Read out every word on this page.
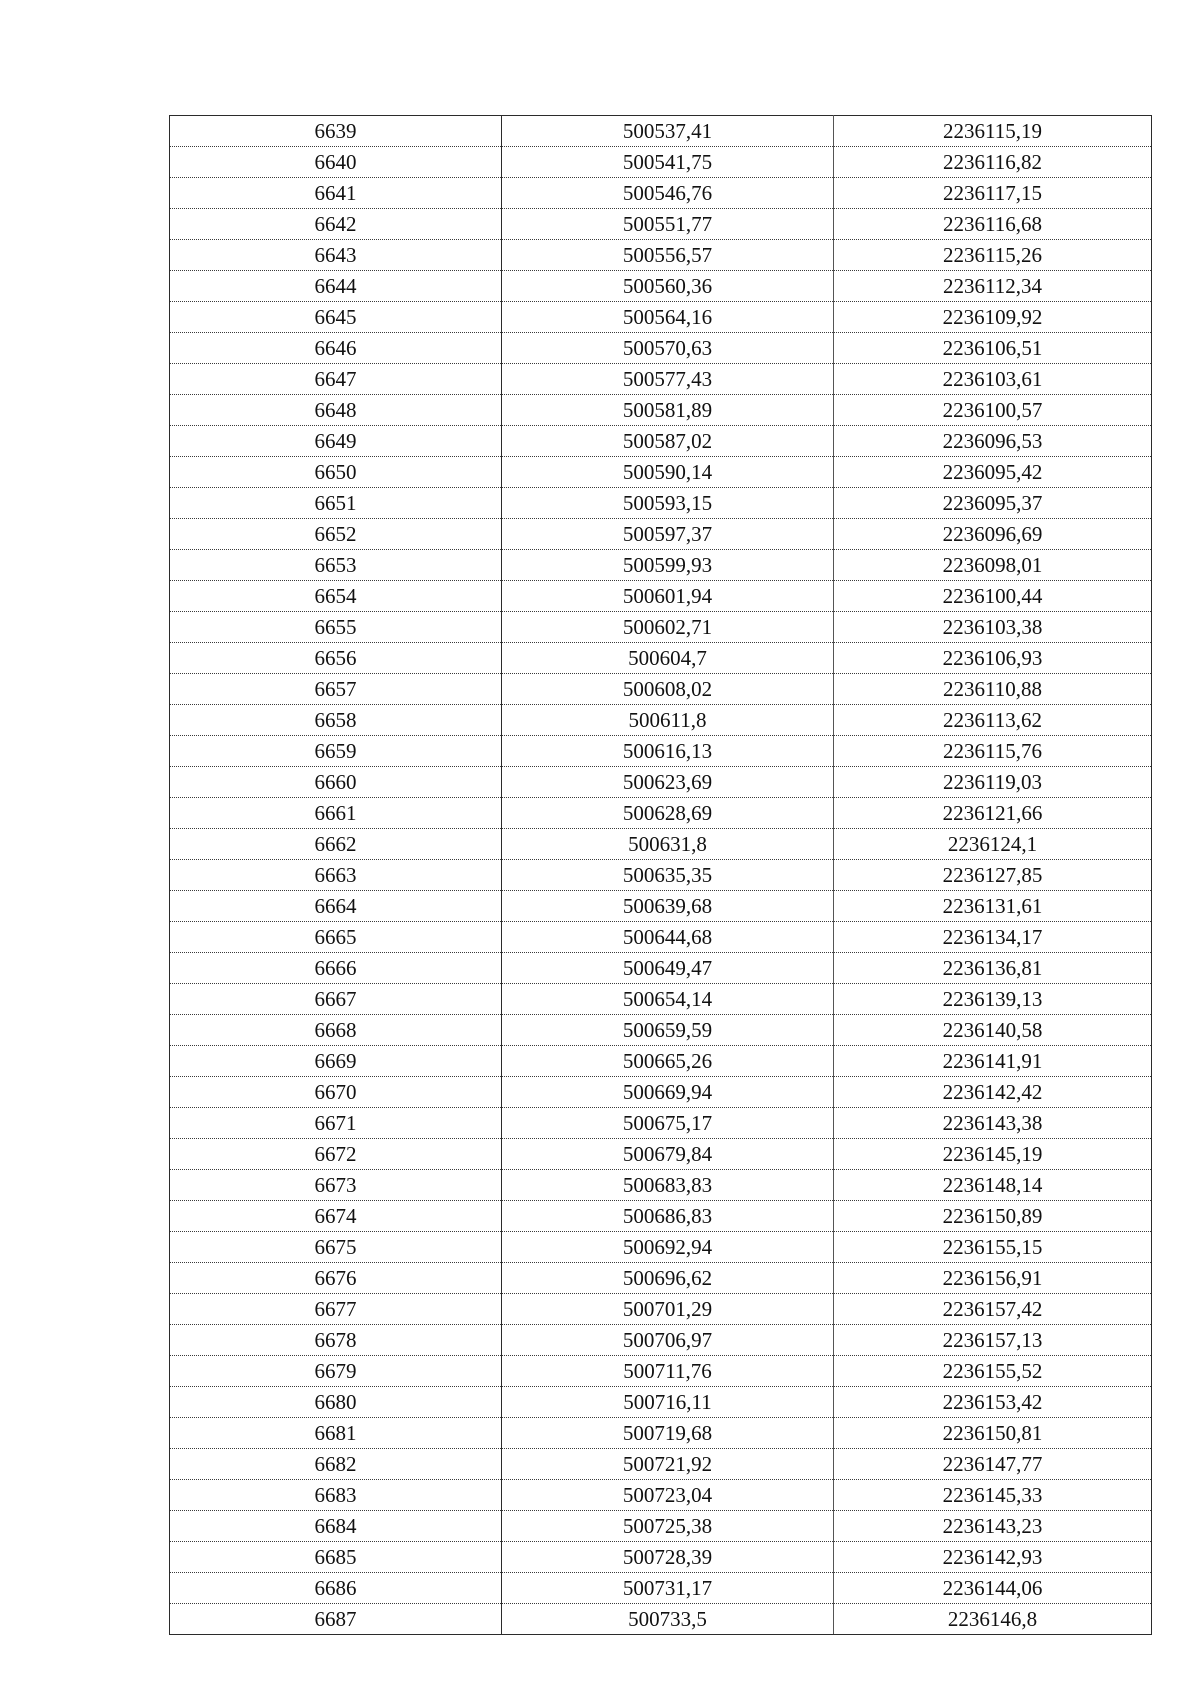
6639	500537,41	2236115,19
6640	500541,75	2236116,82
6641	500546,76	2236117,15
6642	500551,77	2236116,68
6643	500556,57	2236115,26
6644	500560,36	2236112,34
6645	500564,16	2236109,92
6646	500570,63	2236106,51
6647	500577,43	2236103,61
6648	500581,89	2236100,57
6649	500587,02	2236096,53
6650	500590,14	2236095,42
6651	500593,15	2236095,37
6652	500597,37	2236096,69
6653	500599,93	2236098,01
6654	500601,94	2236100,44
6655	500602,71	2236103,38
6656	500604,7	2236106,93
6657	500608,02	2236110,88
6658	500611,8	2236113,62
6659	500616,13	2236115,76
6660	500623,69	2236119,03
6661	500628,69	2236121,66
6662	500631,8	2236124,1
6663	500635,35	2236127,85
6664	500639,68	2236131,61
6665	500644,68	2236134,17
6666	500649,47	2236136,81
6667	500654,14	2236139,13
6668	500659,59	2236140,58
6669	500665,26	2236141,91
6670	500669,94	2236142,42
6671	500675,17	2236143,38
6672	500679,84	2236145,19
6673	500683,83	2236148,14
6674	500686,83	2236150,89
6675	500692,94	2236155,15
6676	500696,62	2236156,91
6677	500701,29	2236157,42
6678	500706,97	2236157,13
6679	500711,76	2236155,52
6680	500716,11	2236153,42
6681	500719,68	2236150,81
6682	500721,92	2236147,77
6683	500723,04	2236145,33
6684	500725,38	2236143,23
6685	500728,39	2236142,93
6686	500731,17	2236144,06
6687	500733,5	2236146,8
